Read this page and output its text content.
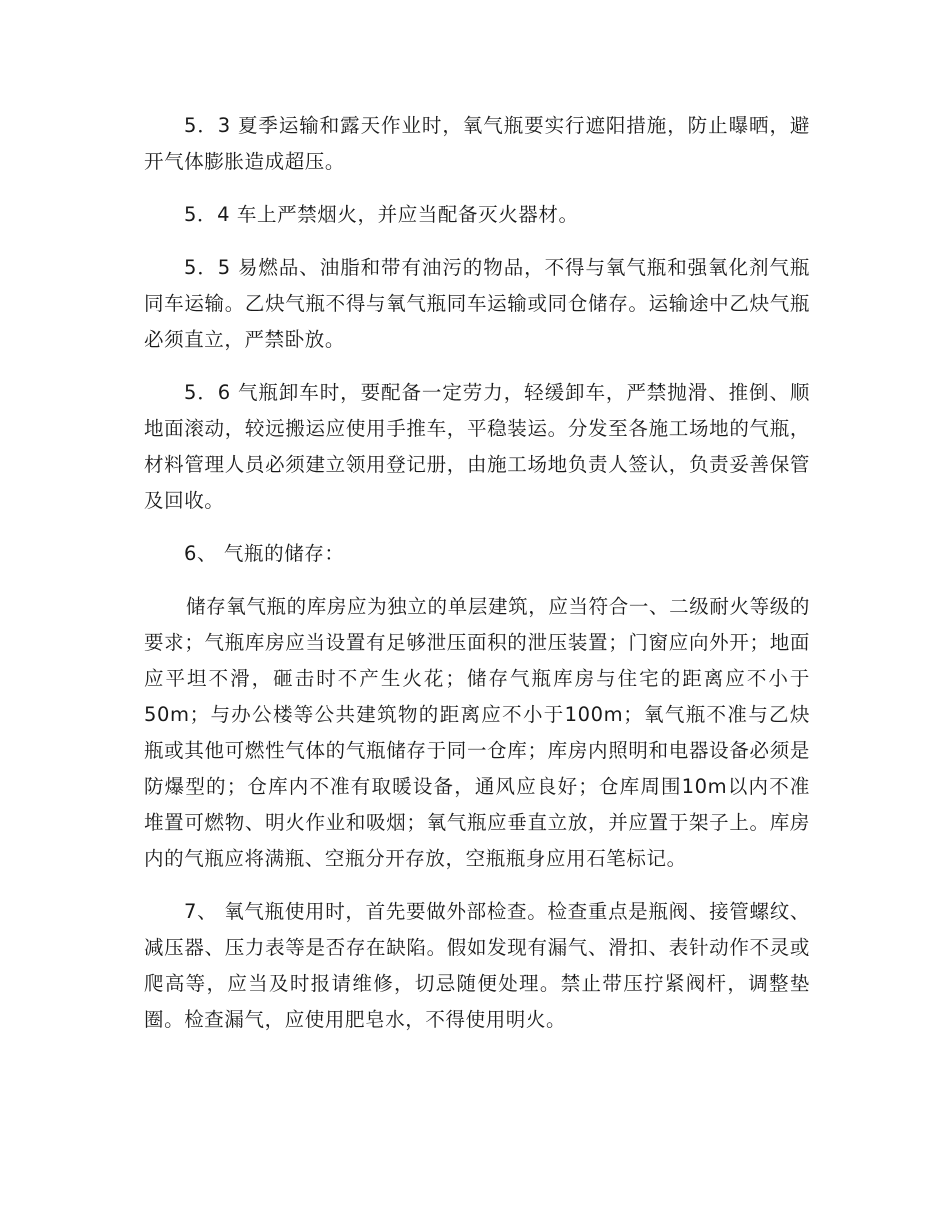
5．3 夏季运输和露天作业时，氧气瓶要实行遮阳措施，防止曝晒，避开气体膨胀造成超压。

5．4 车上严禁烟火，并应当配备灭火器材。

5．5 易燃品、油脂和带有油污的物品，不得与氧气瓶和强氧化剂气瓶同车运输。乙炔气瓶不得与氧气瓶同车运输或同仓储存。运输途中乙炔气瓶必须直立，严禁卧放。

5．6 气瓶卸车时，要配备一定劳力，轻缓卸车，严禁抛滑、推倒、顺地面滚动，较远搬运应使用手推车，平稳装运。分发至各施工场地的气瓶，材料管理人员必须建立领用登记册，由施工场地负责人签认，负责妥善保管及回收。

6、 气瓶的储存：

储存氧气瓶的库房应为独立的单层建筑，应当符合一、二级耐火等级的要求；气瓶库房应当设置有足够泄压面积的泄压装置；门窗应向外开；地面应平坦不滑，砸击时不产生火花；储存气瓶库房与住宅的距离应不小于50m；与办公楼等公共建筑物的距离应不小于100m；氧气瓶不准与乙炔瓶或其他可燃性气体的气瓶储存于同一仓库；库房内照明和电器设备必须是防爆型的；仓库内不准有取暖设备，通风应良好；仓库周围10m以内不准堆置可燃物、明火作业和吸烟；氧气瓶应垂直立放，并应置于架子上。库房内的气瓶应将满瓶、空瓶分开存放，空瓶瓶身应用石笔标记。

7、 氧气瓶使用时，首先要做外部检查。检查重点是瓶阀、接管螺纹、减压器、压力表等是否存在缺陷。假如发现有漏气、滑扣、表针动作不灵或爬高等，应当及时报请维修，切忌随便处理。禁止带压拧紧阀杆，调整垫圈。检查漏气，应使用肥皂水，不得使用明火。
